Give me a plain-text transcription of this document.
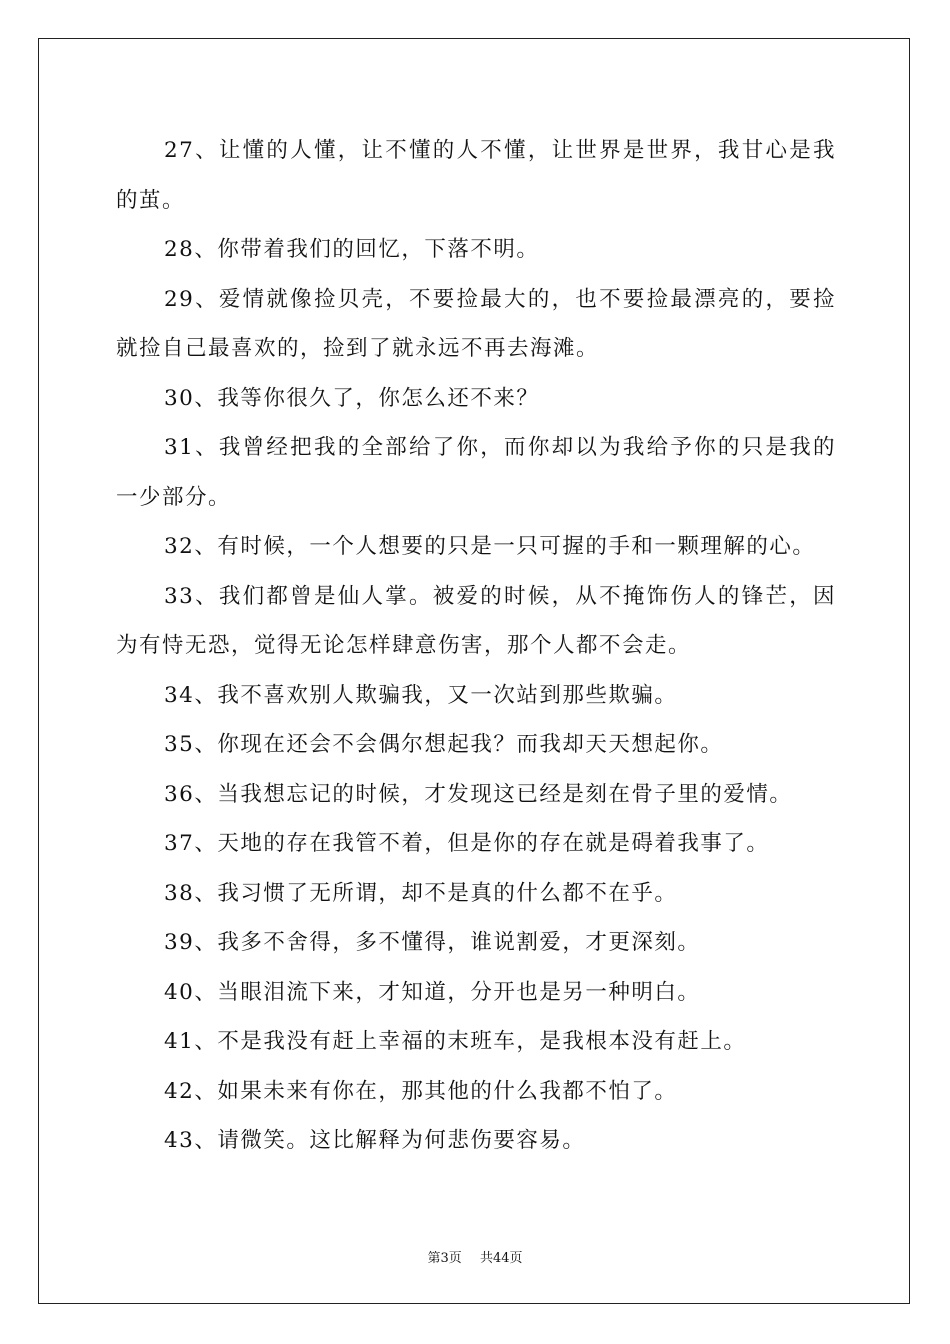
27、让懂的人懂，让不懂的人不懂，让世界是世界，我甘心是我的茧。

28、你带着我们的回忆，下落不明。

29、爱情就像捡贝壳，不要捡最大的，也不要捡最漂亮的，要捡就捡自己最喜欢的，捡到了就永远不再去海滩。

30、我等你很久了，你怎么还不来？

31、我曾经把我的全部给了你，而你却以为我给予你的只是我的一少部分。

32、有时候，一个人想要的只是一只可握的手和一颗理解的心。

33、我们都曾是仙人掌。被爱的时候，从不掩饰伤人的锋芒，因为有恃无恐，觉得无论怎样肆意伤害，那个人都不会走。

34、我不喜欢别人欺骗我，又一次站到那些欺骗。

35、你现在还会不会偶尔想起我？而我却天天想起你。

36、当我想忘记的时候，才发现这已经是刻在骨子里的爱情。

37、天地的存在我管不着，但是你的存在就是碍着我事了。

38、我习惯了无所谓，却不是真的什么都不在乎。

39、我多不舍得，多不懂得，谁说割爱，才更深刻。

40、当眼泪流下来，才知道，分开也是另一种明白。

41、不是我没有赶上幸福的末班车，是我根本没有赶上。

42、如果未来有你在，那其他的什么我都不怕了。

43、请微笑。这比解释为何悲伤要容易。

第3页 共44页
